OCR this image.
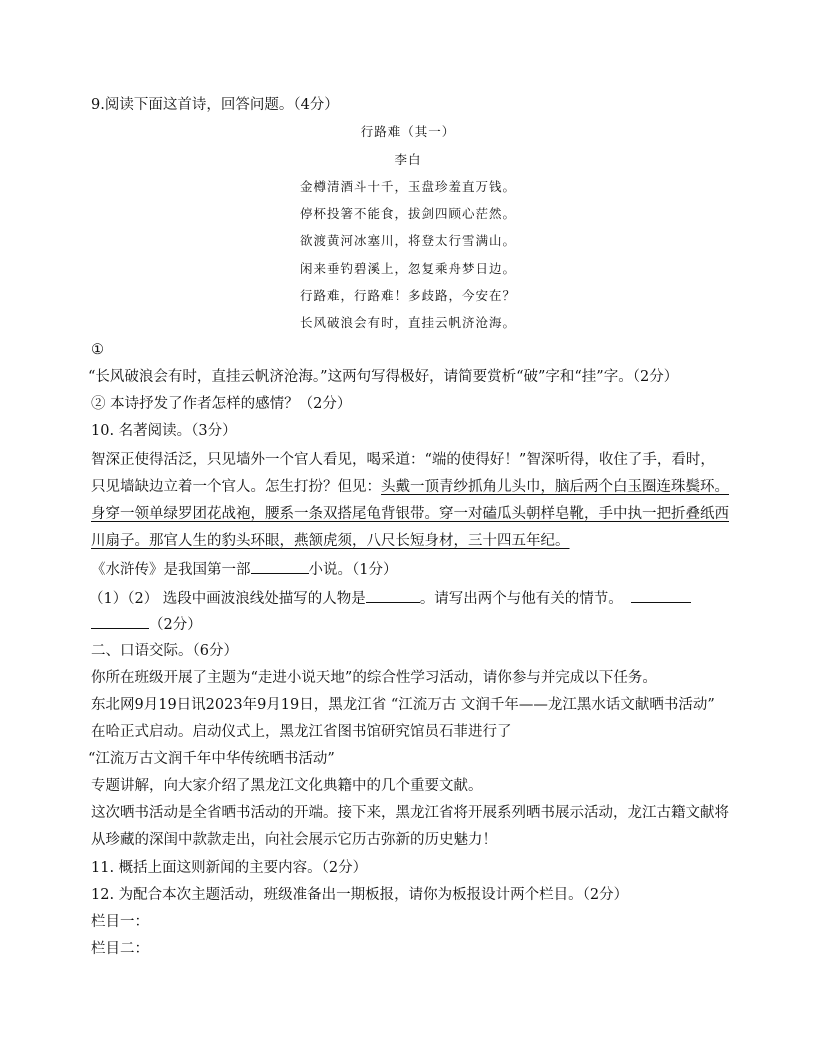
9.阅读下面这首诗，回答问题。（4分）
行路难（其一）
李白
金樽清酒斗十千，玉盘珍羞直万钱。
停杯投箸不能食，拔剑四顾心茫然。
欲渡黄河冰塞川，将登太行雪满山。
闲来垂钓碧溪上，忽复乘舟梦日边。
行路难，行路难！多歧路，今安在？
长风破浪会有时，直挂云帆济沧海。
①
“长风破浪会有时，直挂云帆济沧海。”这两句写得极好，请简要赏析“破”字和“挂”字。（2分）
② 本诗抒发了作者怎样的感情？（2分）
10. 名著阅读。（3分）
智深正使得活泛，只见墙外一个官人看见，喝采道：“端的使得好！”智深听得，收住了手，看时，
只见墙缺边立着一个官人。怎生打扮？但见：头戴一顶青纱抓角儿头巾，脑后两个白玉圈连珠鬓环。
身穿一领单绿罗团花战袍，腰系一条双搭尾龟背银带。穿一对磕瓜头朝样皂靴，手中执一把折叠纸西
川扇子。那官人生的豹头环眼，燕颔虎须，八尺长短身材，三十四五年纪。
《水浒传》是我国第一部	小说。（1分）
（1）（2） 选段中画波浪线处描写的人物是	。请写出两个与他有关的情节。
（2分）
二、口语交际。（6分）
你所在班级开展了主题为“走进小说天地”的综合性学习活动，请你参与并完成以下任务。
东北网9月19日讯2023年9月19日，黑龙江省 “江流万古 文润千年——龙江黑水话文献晒书活动”
在哈正式启动。启动仪式上，黑龙江省图书馆研究馆员石菲进行了
“江流万古文润千年中华传统晒书活动”
专题讲解，向大家介绍了黑龙江文化典籍中的几个重要文献。
这次晒书活动是全省晒书活动的开端。接下来，黑龙江省将开展系列晒书展示活动，龙江古籍文献将
从珍藏的深闺中款款走出，向社会展示它历古弥新的历史魅力！
11. 概括上面这则新闻的主要内容。（2分）
12. 为配合本次主题活动，班级准备出一期板报，请你为板报设计两个栏目。（2分）
栏目一：
栏目二：
